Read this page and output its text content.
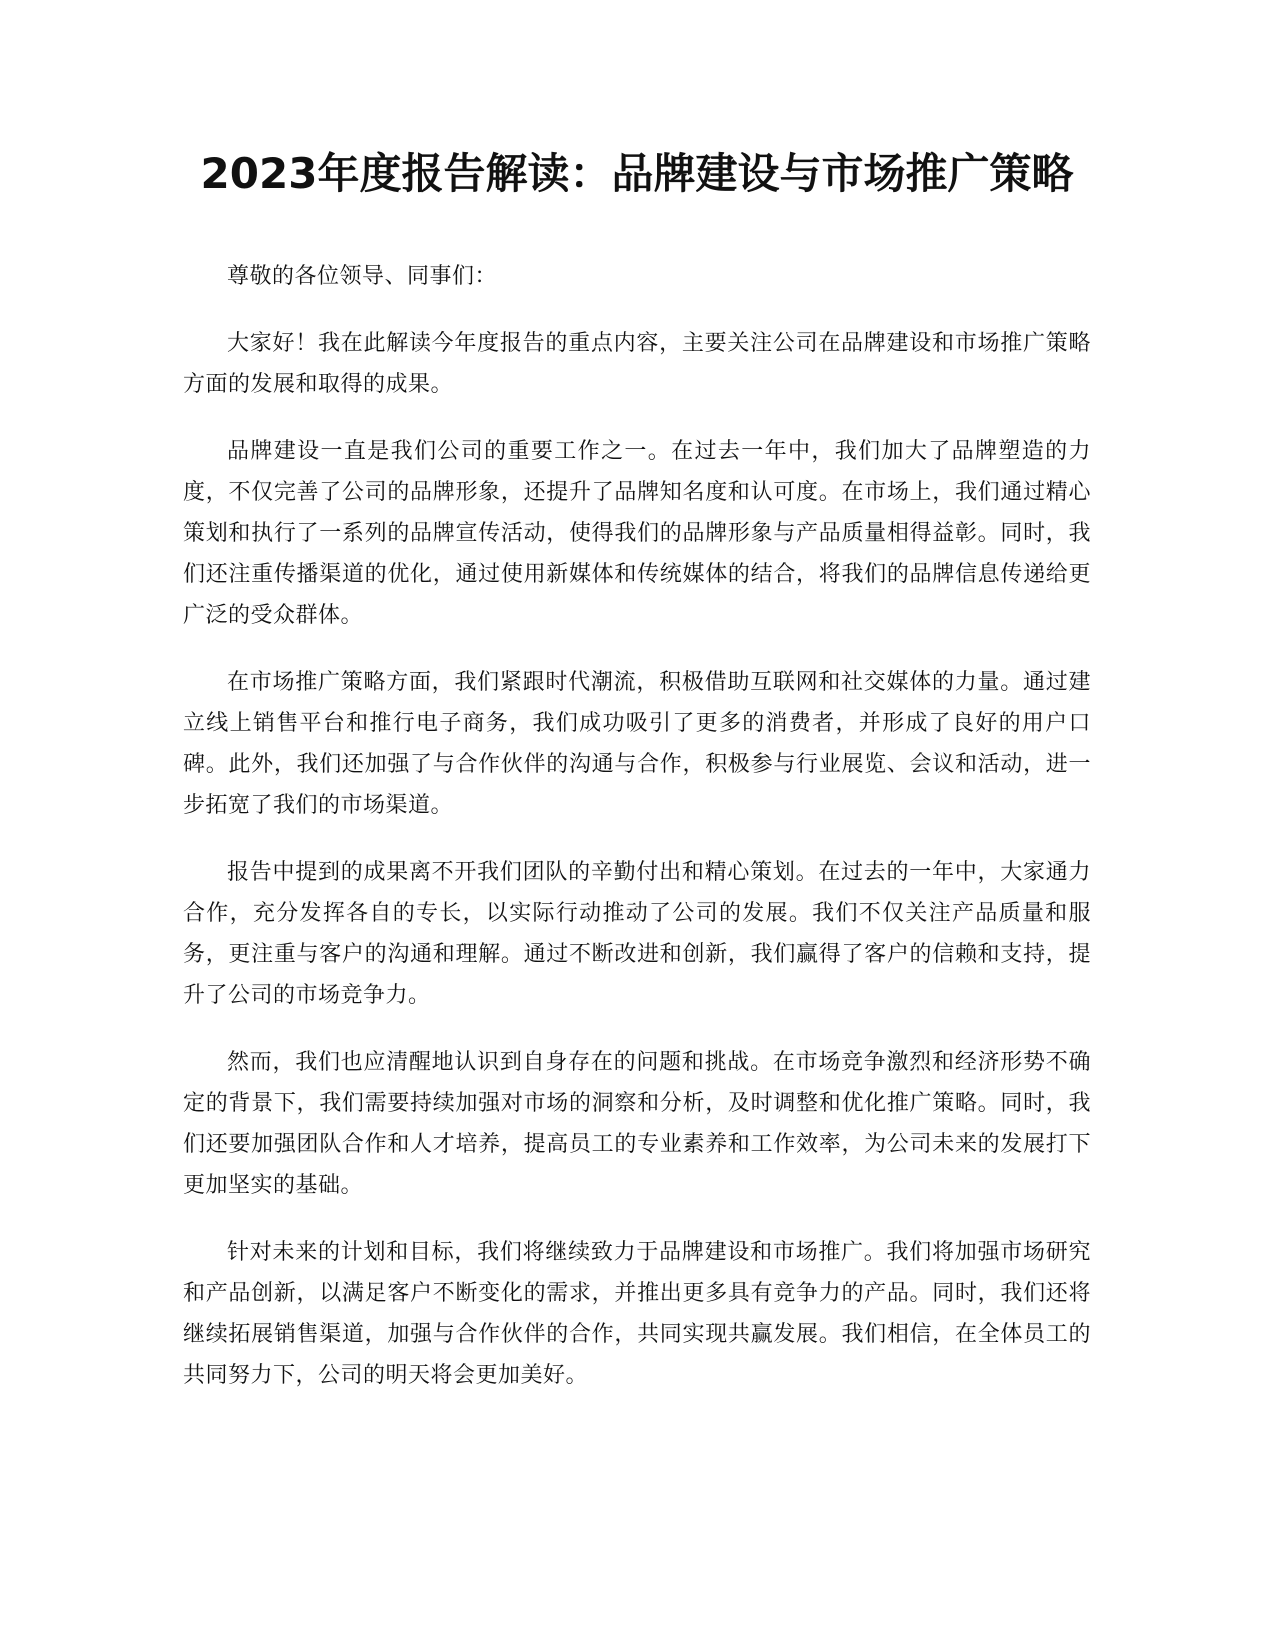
2023年度报告解读：品牌建设与市场推广策略

尊敬的各位领导、同事们：

大家好！我在此解读今年度报告的重点内容，主要关注公司在品牌建设和市场推广策略方面的发展和取得的成果。

品牌建设一直是我们公司的重要工作之一。在过去一年中，我们加大了品牌塑造的力度，不仅完善了公司的品牌形象，还提升了品牌知名度和认可度。在市场上，我们通过精心策划和执行了一系列的品牌宣传活动，使得我们的品牌形象与产品质量相得益彰。同时，我们还注重传播渠道的优化，通过使用新媒体和传统媒体的结合，将我们的品牌信息传递给更广泛的受众群体。

在市场推广策略方面，我们紧跟时代潮流，积极借助互联网和社交媒体的力量。通过建立线上销售平台和推行电子商务，我们成功吸引了更多的消费者，并形成了良好的用户口碑。此外，我们还加强了与合作伙伴的沟通与合作，积极参与行业展览、会议和活动，进一步拓宽了我们的市场渠道。

报告中提到的成果离不开我们团队的辛勤付出和精心策划。在过去的一年中，大家通力合作，充分发挥各自的专长，以实际行动推动了公司的发展。我们不仅关注产品质量和服务，更注重与客户的沟通和理解。通过不断改进和创新，我们赢得了客户的信赖和支持，提升了公司的市场竞争力。

然而，我们也应清醒地认识到自身存在的问题和挑战。在市场竞争激烈和经济形势不确定的背景下，我们需要持续加强对市场的洞察和分析，及时调整和优化推广策略。同时，我们还要加强团队合作和人才培养，提高员工的专业素养和工作效率，为公司未来的发展打下更加坚实的基础。

针对未来的计划和目标，我们将继续致力于品牌建设和市场推广。我们将加强市场研究和产品创新，以满足客户不断变化的需求，并推出更多具有竞争力的产品。同时，我们还将继续拓展销售渠道，加强与合作伙伴的合作，共同实现共赢发展。我们相信，在全体员工的共同努力下，公司的明天将会更加美好。
